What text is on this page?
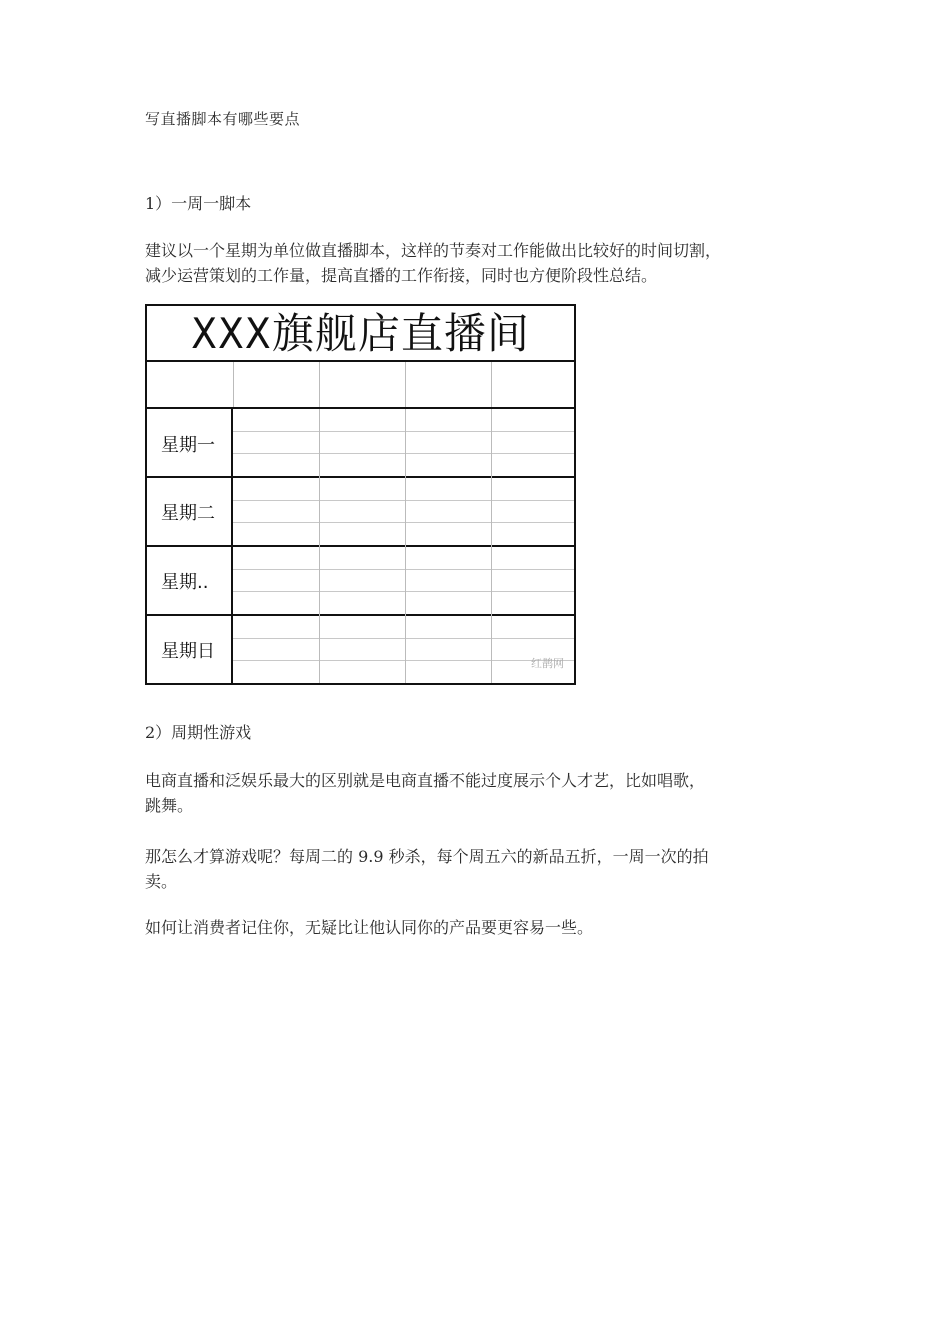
写直播脚本有哪些要点
1）一周一脚本
建议以一个星期为单位做直播脚本，这样的节奏对工作能做出比较好的时间切割，
减少运营策划的工作量，提高直播的工作衔接，同时也方便阶段性总结。
2）周期性游戏
电商直播和泛娱乐最大的区别就是电商直播不能过度展示个人才艺，比如唱歌，
跳舞。
那怎么才算游戏呢？每周二的 9.9 秒杀，每个周五六的新品五折，一周一次的拍
卖。
如何让消费者记住你，无疑比让他认同你的产品要更容易一些。
XXX旗舰店直播间
星期一
星期二
星期..
星期日
红鹊网
